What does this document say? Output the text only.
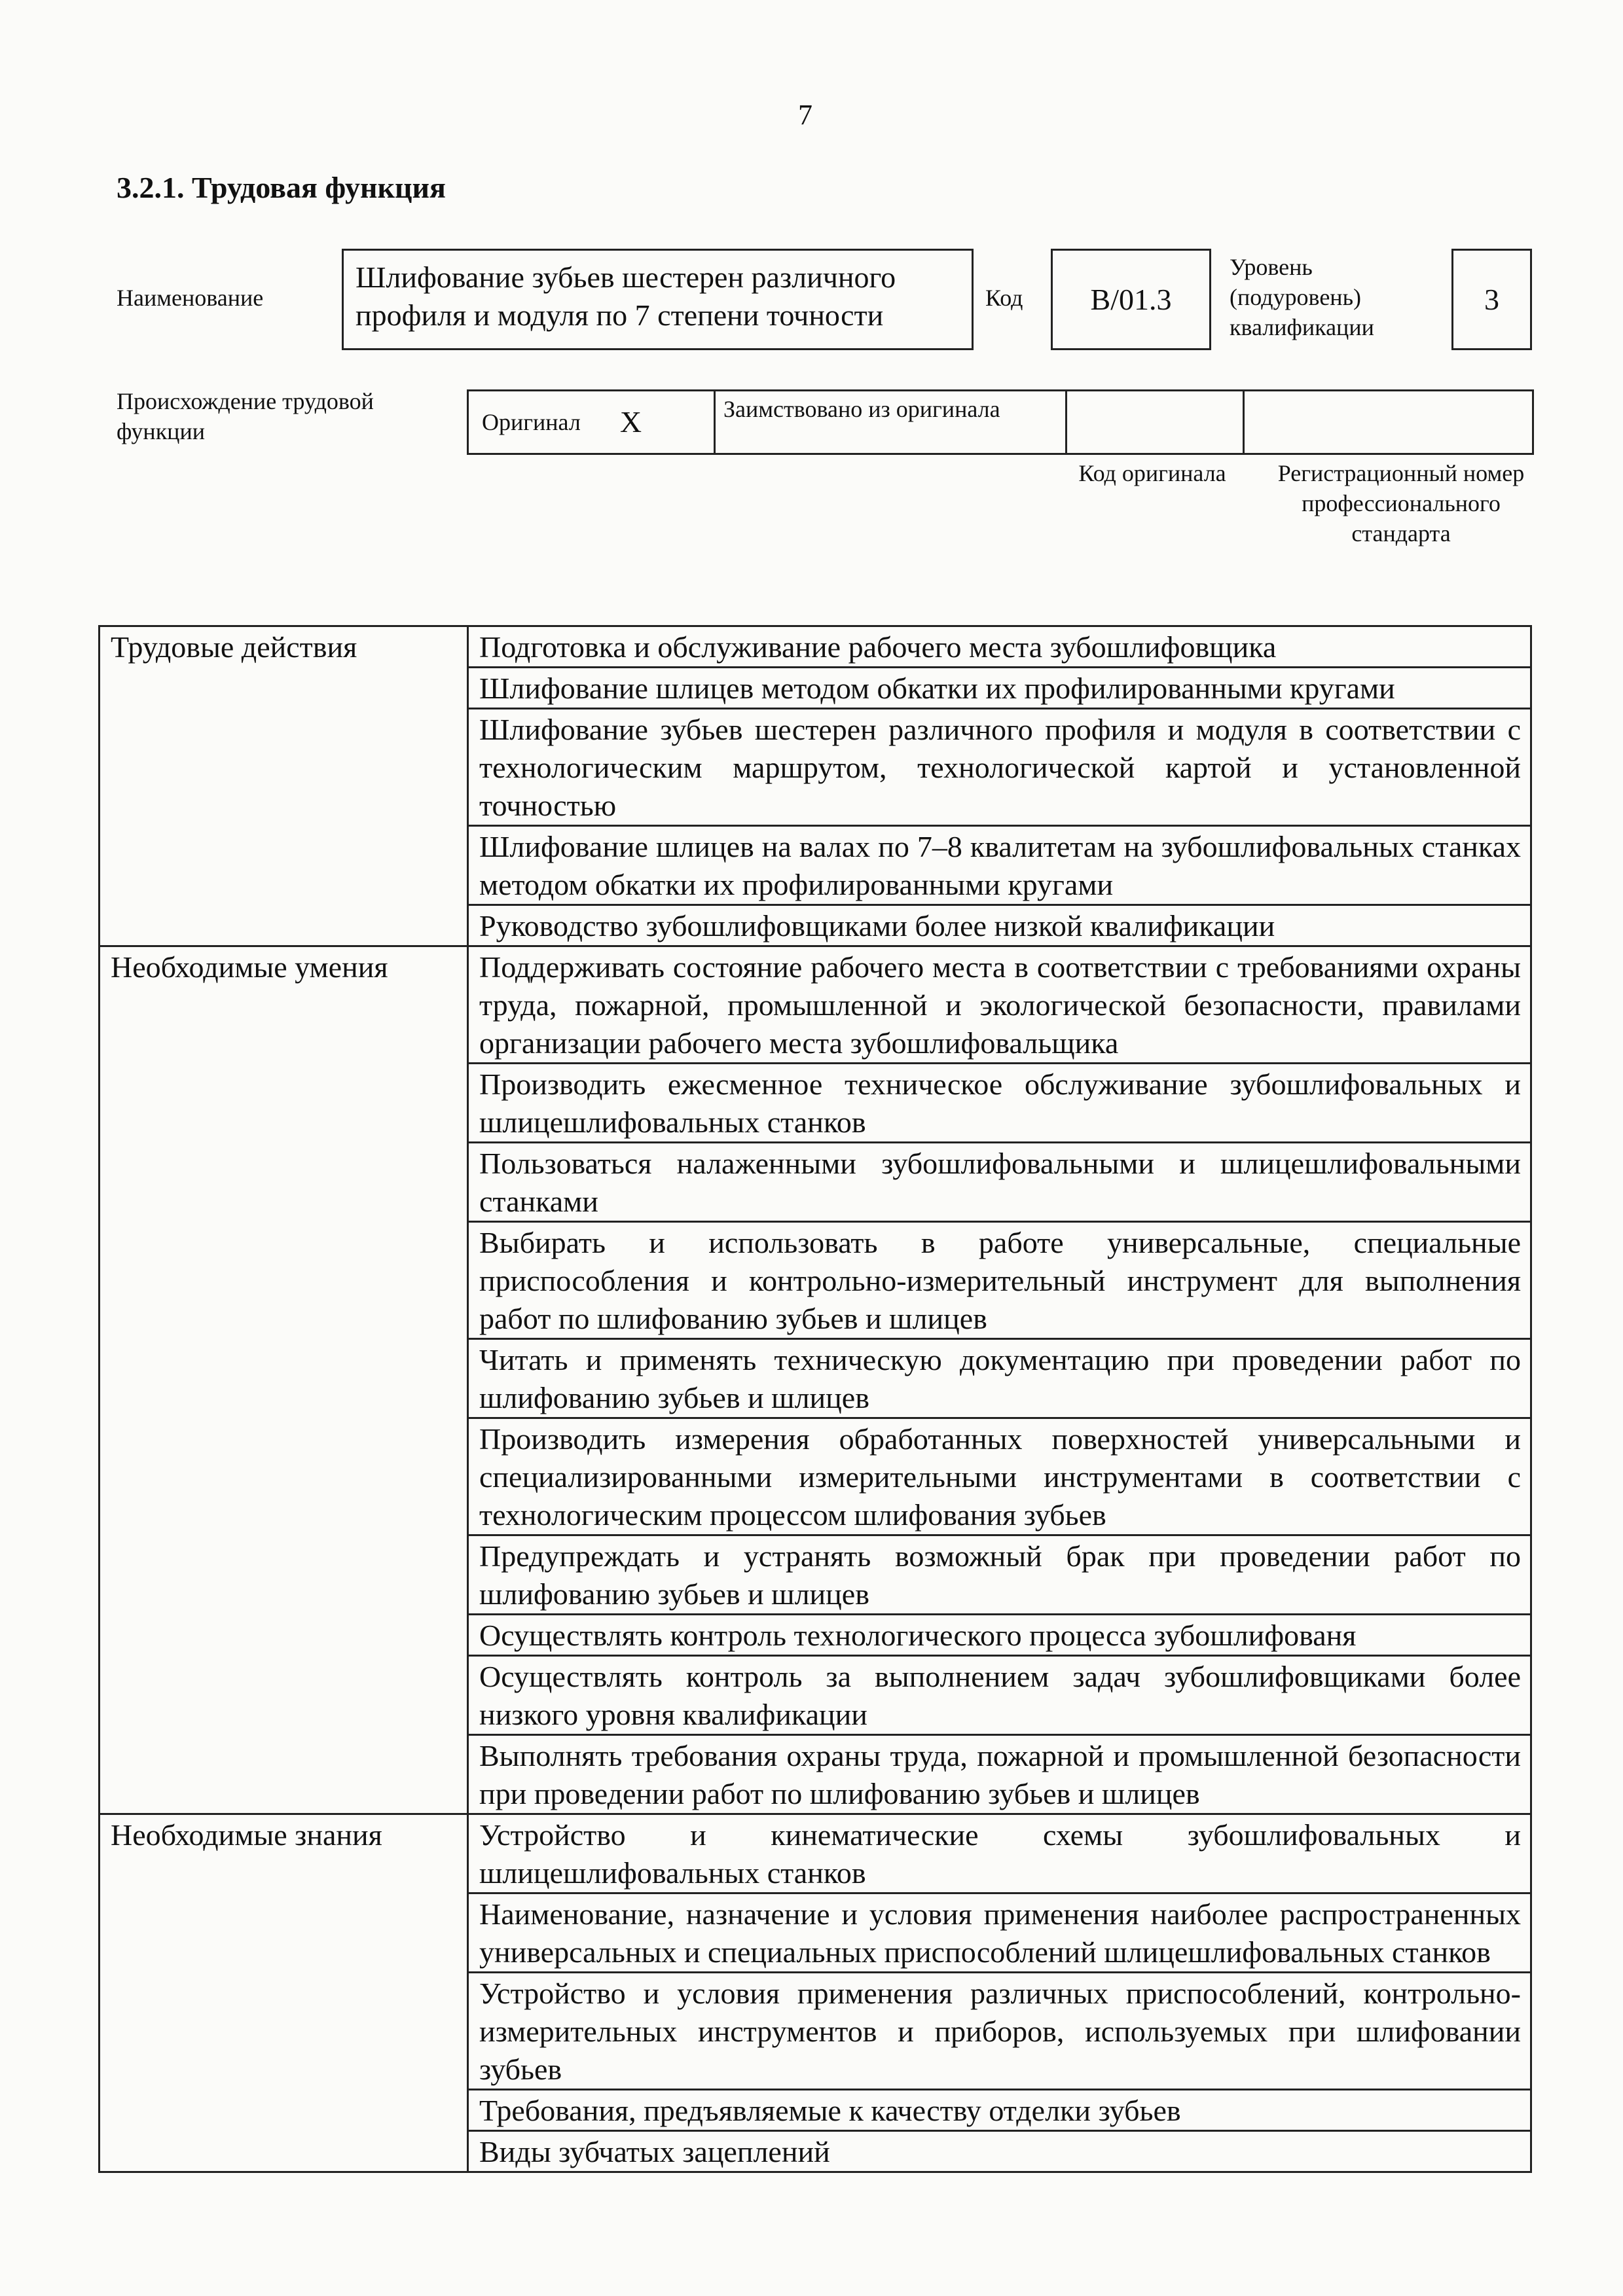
7
3.2.1. Трудовая функция
Наименование
Шлифование зубьев шестерен различного профиля и модуля по 7 степени точности
Код	B/01.3
Уровень (подуровень) квалификации
3
Происхождение трудовой функции	Оригинал X	Заимствовано из оригинала
Код оригинала	Регистрационный номер профессионального стандарта
Трудовые действия	Подготовка и обслуживание рабочего места зубошлифовщика
	Шлифование шлицев методом обкатки их профилированными кругами
	Шлифование зубьев шестерен различного профиля и модуля в соответствии с технологическим маршрутом, технологической картой и установленной точностью
	Шлифование шлицев на валах по 7–8 квалитетам на зубошлифовальных станках методом обкатки их профилированными кругами
	Руководство зубошлифовщиками более низкой квалификации
Необходимые умения	Поддерживать состояние рабочего места в соответствии с требованиями охраны труда, пожарной, промышленной и экологической безопасности, правилами организации рабочего места зубошлифовальщика
	Производить ежесменное техническое обслуживание зубошлифовальных и шлицешлифовальных станков
	Пользоваться налаженными зубошлифовальными и шлицешлифовальными станками
	Выбирать и использовать в работе универсальные, специальные приспособления и контрольно-измерительный инструмент для выполнения работ по шлифованию зубьев и шлицев
	Читать и применять техническую документацию при проведении работ по шлифованию зубьев и шлицев
	Производить измерения обработанных поверхностей универсальными и специализированными измерительными инструментами в соответствии с технологическим процессом шлифования зубьев
	Предупреждать и устранять возможный брак при проведении работ по шлифованию зубьев и шлицев
	Осуществлять контроль технологического процесса зубошлифованя
	Осуществлять контроль за выполнением задач зубошлифовщиками более низкого уровня квалификации
	Выполнять требования охраны труда, пожарной и промышленной безопасности при проведении работ по шлифованию зубьев и шлицев
Необходимые знания	Устройство и кинематические схемы зубошлифовальных и шлицешлифовальных станков
	Наименование, назначение и условия применения наиболее распространенных универсальных и специальных приспособлений шлицешлифовальных станков
	Устройство и условия применения различных приспособлений, контрольно-измерительных инструментов и приборов, используемых при шлифовании зубьев
	Требования, предъявляемые к качеству отделки зубьев
	Виды зубчатых зацеплений
